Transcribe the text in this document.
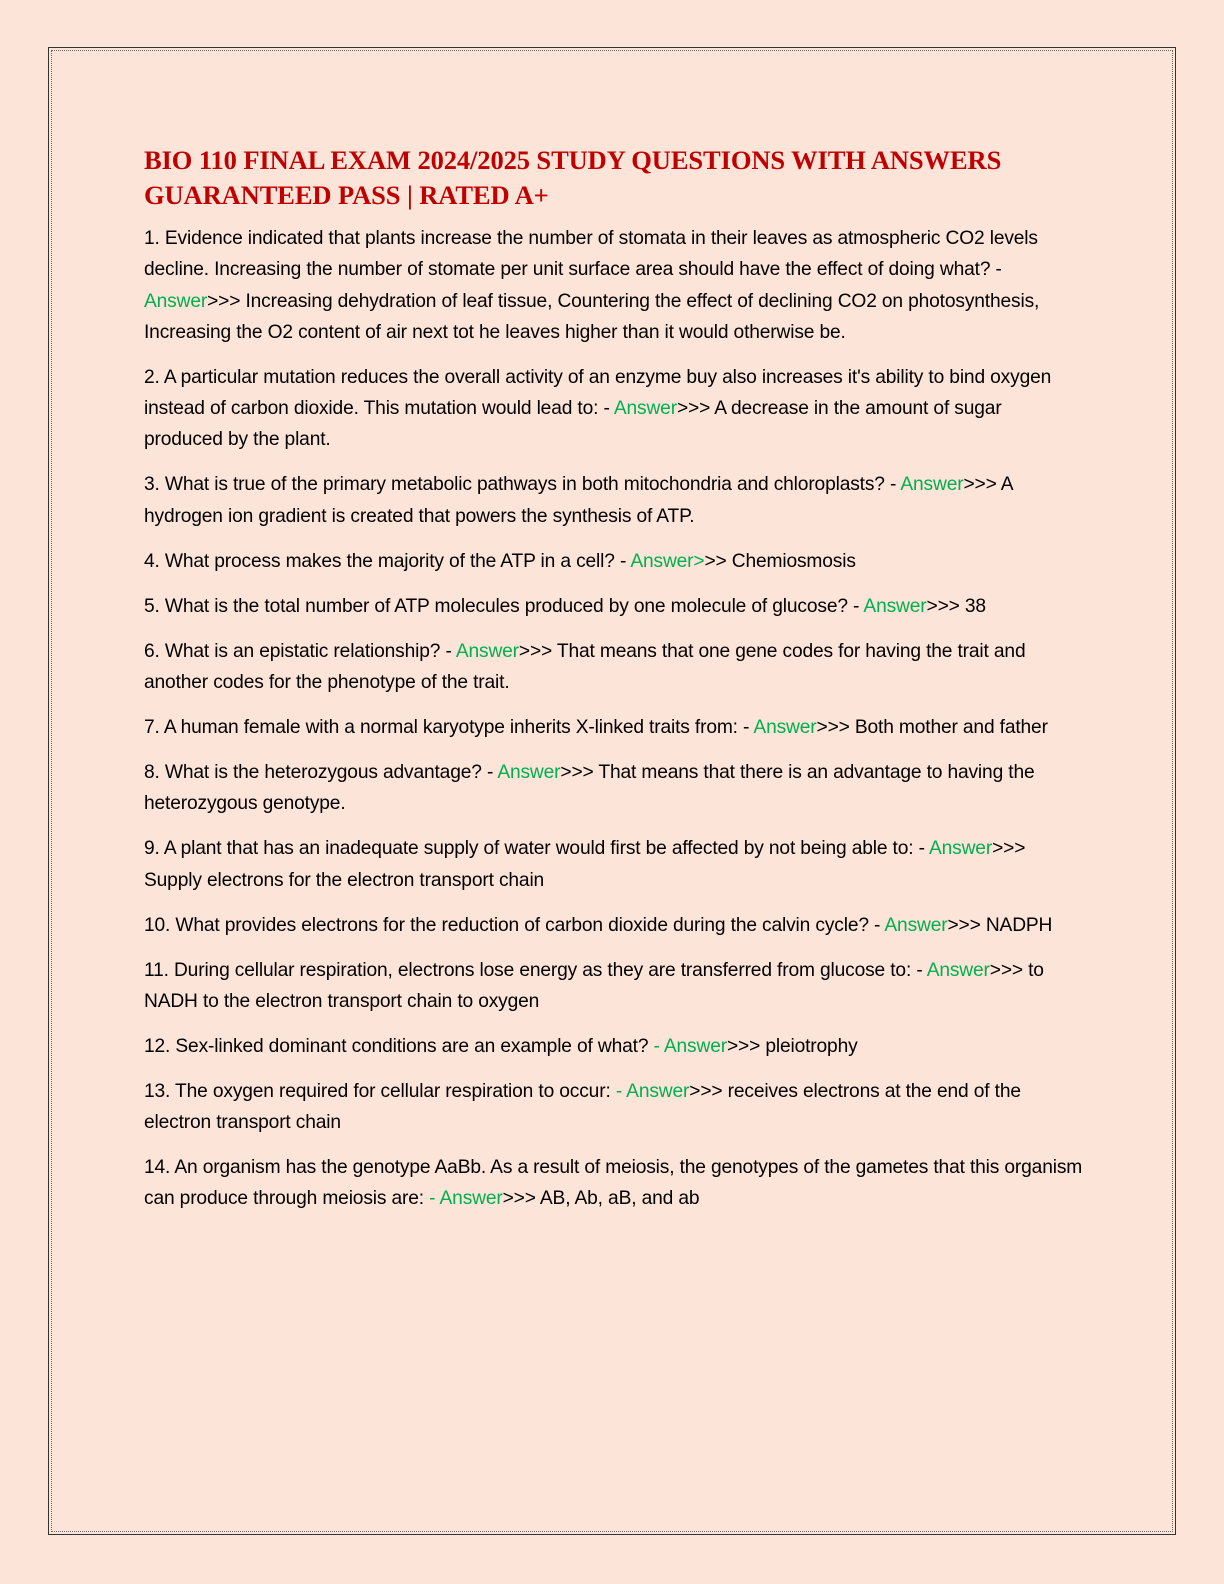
BIO 110 FINAL EXAM 2024/2025 STUDY QUESTIONS WITH ANSWERS GUARANTEED PASS | RATED A+

1. Evidence indicated that plants increase the number of stomata in their leaves as atmospheric CO2 levels decline. Increasing the number of stomate per unit surface area should have the effect of doing what? - Answer>>> Increasing dehydration of leaf tissue, Countering the effect of declining CO2 on photosynthesis, Increasing the O2 content of air next tot he leaves higher than it would otherwise be.

2. A particular mutation reduces the overall activity of an enzyme buy also increases it's ability to bind oxygen instead of carbon dioxide. This mutation would lead to: - Answer>>> A decrease in the amount of sugar produced by the plant.

3. What is true of the primary metabolic pathways in both mitochondria and chloroplasts? - Answer>>> A hydrogen ion gradient is created that powers the synthesis of ATP.

4. What process makes the majority of the ATP in a cell? - Answer>>> Chemiosmosis

5. What is the total number of ATP molecules produced by one molecule of glucose? - Answer>>> 38

6. What is an epistatic relationship? - Answer>>> That means that one gene codes for having the trait and another codes for the phenotype of the trait.

7. A human female with a normal karyotype inherits X-linked traits from: - Answer>>> Both mother and father

8. What is the heterozygous advantage? - Answer>>> That means that there is an advantage to having the heterozygous genotype.

9. A plant that has an inadequate supply of water would first be affected by not being able to: - Answer>>> Supply electrons for the electron transport chain

10. What provides electrons for the reduction of carbon dioxide during the calvin cycle? - Answer>>> NADPH

11. During cellular respiration, electrons lose energy as they are transferred from glucose to: - Answer>>> to NADH to the electron transport chain to oxygen

12. Sex-linked dominant conditions are an example of what? - Answer>>> pleiotrophy

13. The oxygen required for cellular respiration to occur: - Answer>>> receives electrons at the end of the electron transport chain

14. An organism has the genotype AaBb. As a result of meiosis, the genotypes of the gametes that this organism can produce through meiosis are: - Answer>>> AB, Ab, aB, and ab
